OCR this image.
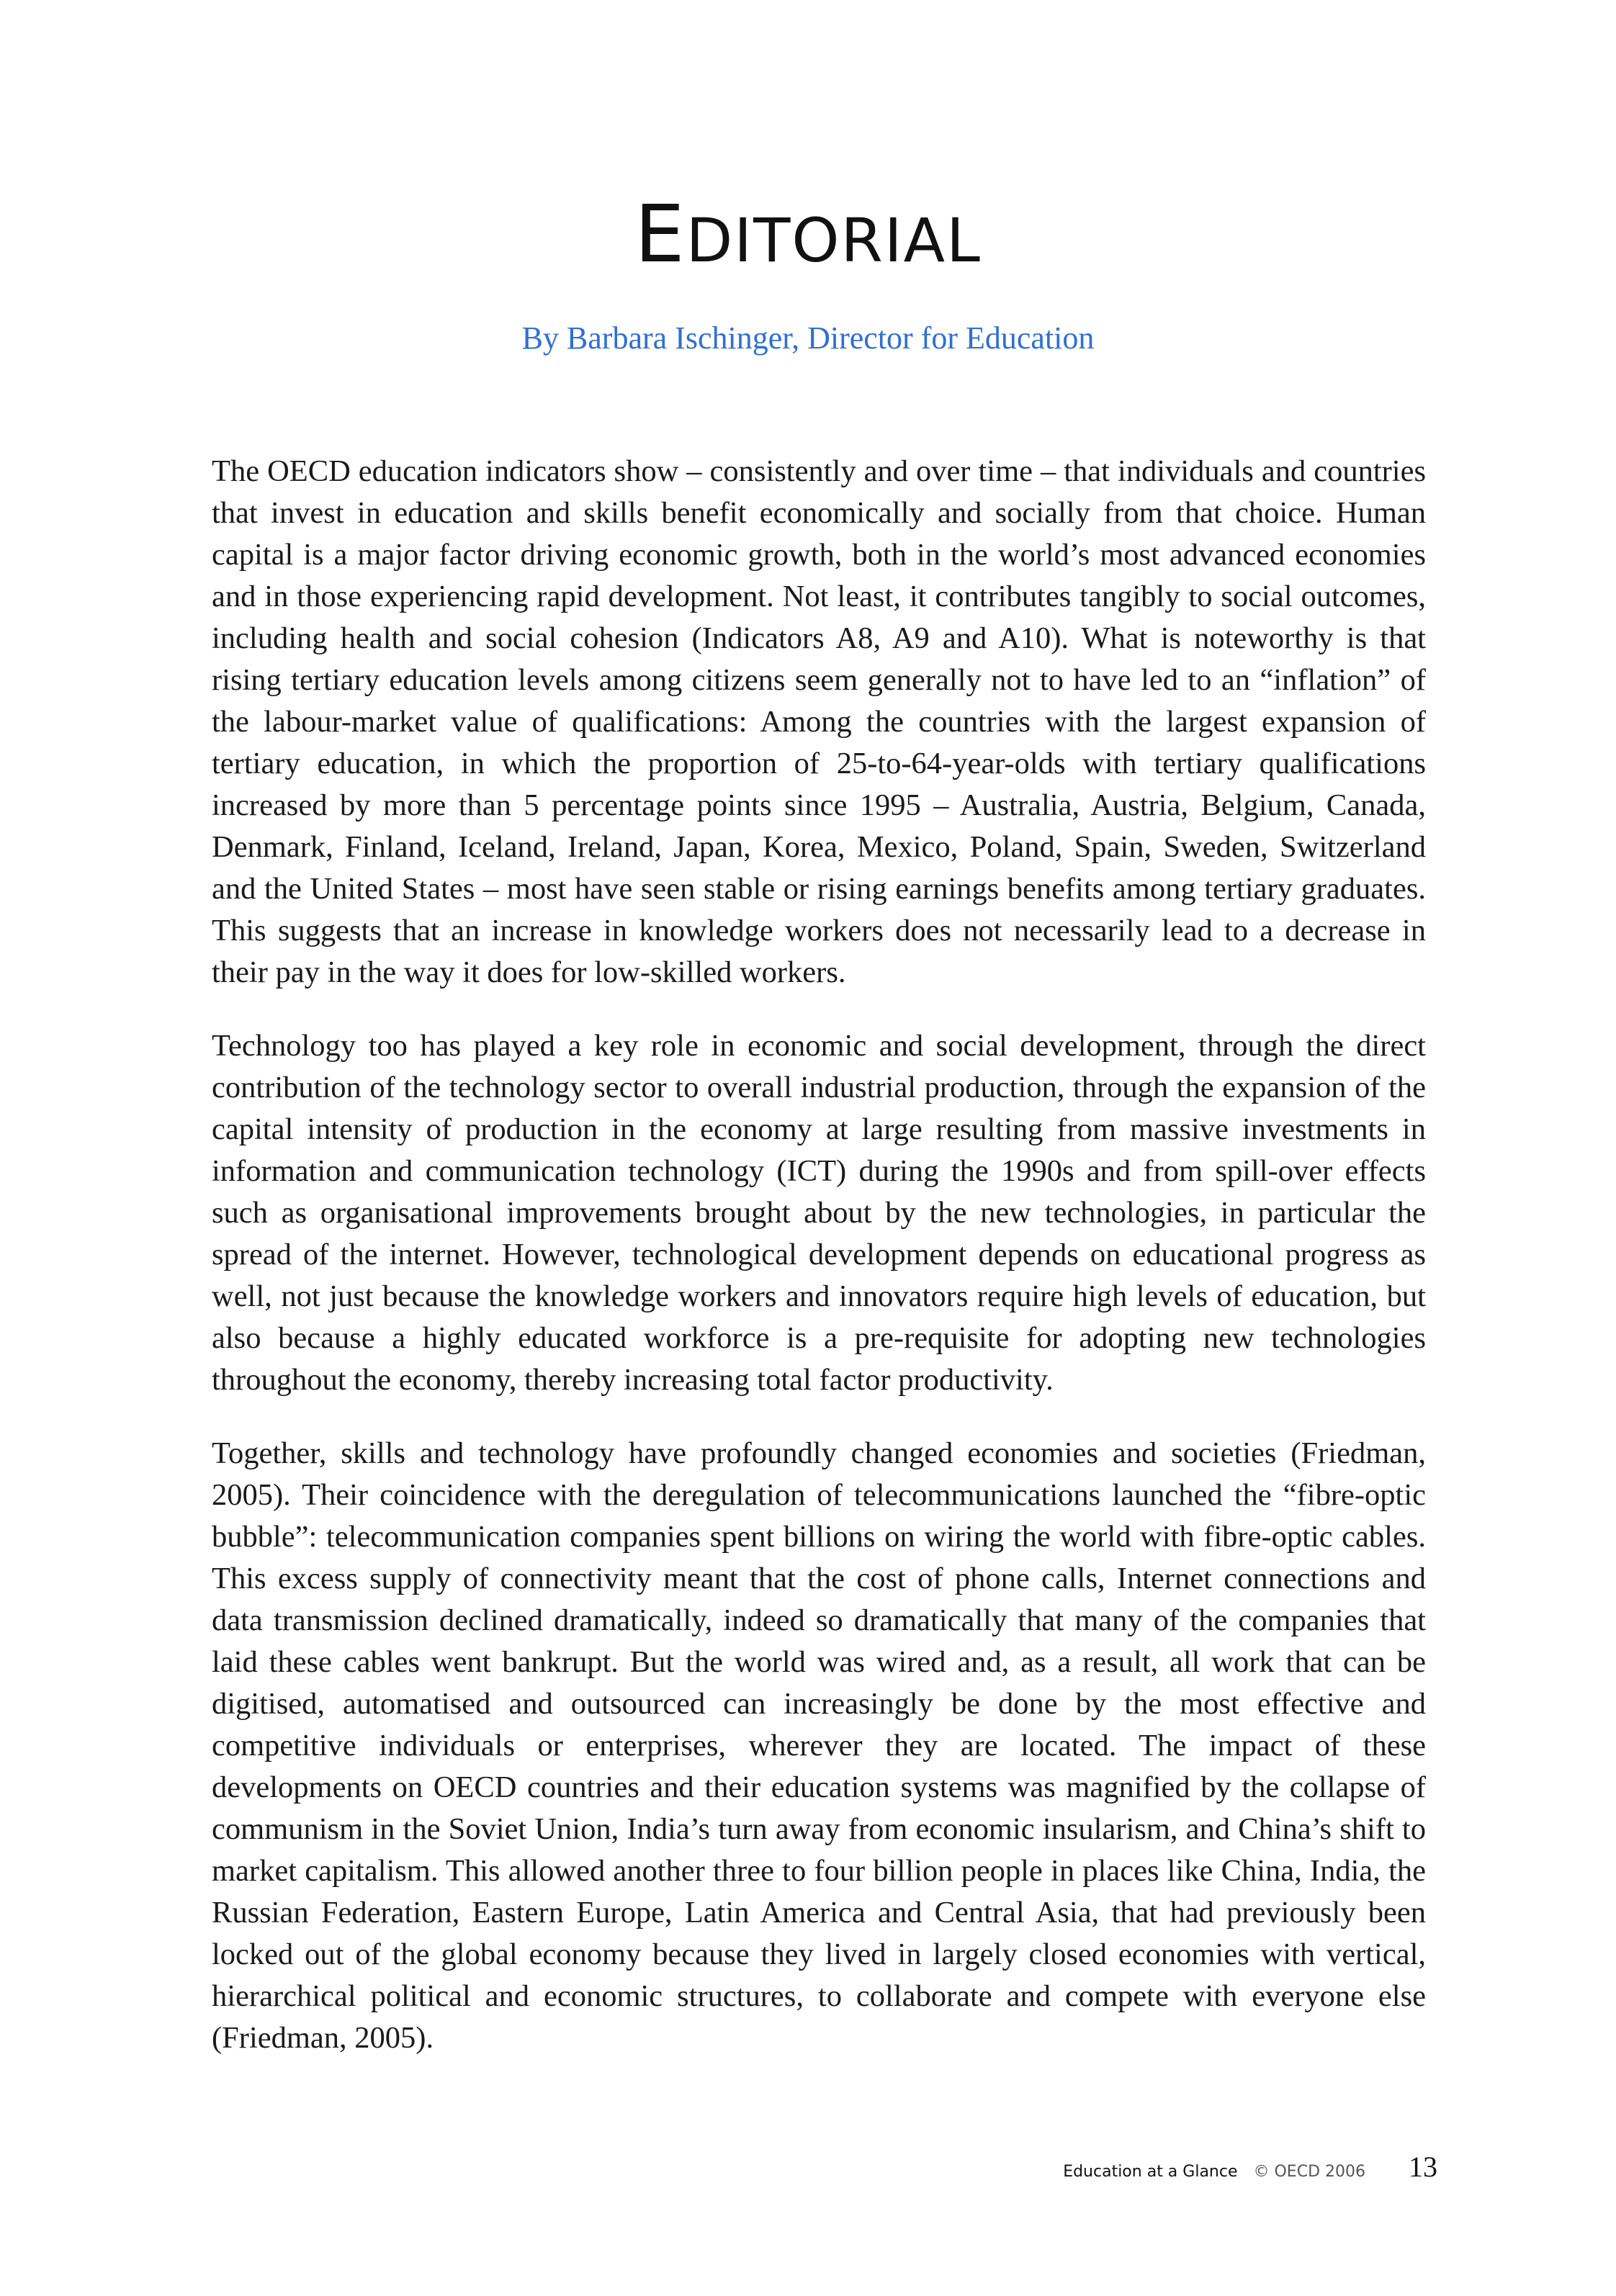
EDITORIAL

By Barbara Ischinger, Director for Education

The OECD education indicators show – consistently and over time – that individuals and countries that invest in education and skills benefit economically and socially from that choice. Human capital is a major factor driving economic growth, both in the world’s most advanced economies and in those experiencing rapid development. Not least, it contributes tangibly to social outcomes, including health and social cohesion (Indicators A8, A9 and A10). What is noteworthy is that rising tertiary education levels among citizens seem generally not to have led to an “inflation” of the labour-market value of qualifications: Among the countries with the largest expansion of tertiary education, in which the proportion of 25-to-64-year-olds with tertiary qualifications increased by more than 5 percentage points since 1995 – Australia, Austria, Belgium, Canada, Denmark, Finland, Iceland, Ireland, Japan, Korea, Mexico, Poland, Spain, Sweden, Switzerland and the United States – most have seen stable or rising earnings benefits among tertiary graduates. This suggests that an increase in knowledge workers does not necessarily lead to a decrease in their pay in the way it does for low-skilled workers.

Technology too has played a key role in economic and social development, through the direct contribution of the technology sector to overall industrial production, through the expansion of the capital intensity of production in the economy at large resulting from massive investments in information and communication technology (ICT) during the 1990s and from spill-over effects such as organisational improvements brought about by the new technologies, in particular the spread of the internet. However, technological development depends on educational progress as well, not just because the knowledge workers and innovators require high levels of education, but also because a highly educated workforce is a pre-requisite for adopting new technologies throughout the economy, thereby increasing total factor productivity.

Together, skills and technology have profoundly changed economies and societies (Friedman, 2005). Their coincidence with the deregulation of telecommunications launched the “fibre-optic bubble”: telecommunication companies spent billions on wiring the world with fibre-optic cables. This excess supply of connectivity meant that the cost of phone calls, Internet connections and data transmission declined dramatically, indeed so dramatically that many of the companies that laid these cables went bankrupt. But the world was wired and, as a result, all work that can be digitised, automatised and outsourced can increasingly be done by the most effective and competitive individuals or enterprises, wherever they are located. The impact of these developments on OECD countries and their education systems was magnified by the collapse of communism in the Soviet Union, India’s turn away from economic insularism, and China’s shift to market capitalism. This allowed another three to four billion people in places like China, India, the Russian Federation, Eastern Europe, Latin America and Central Asia, that had previously been locked out of the global economy because they lived in largely closed economies with vertical, hierarchical political and economic structures, to collaborate and compete with everyone else (Friedman, 2005).

Education at a Glance © OECD 2006 13
